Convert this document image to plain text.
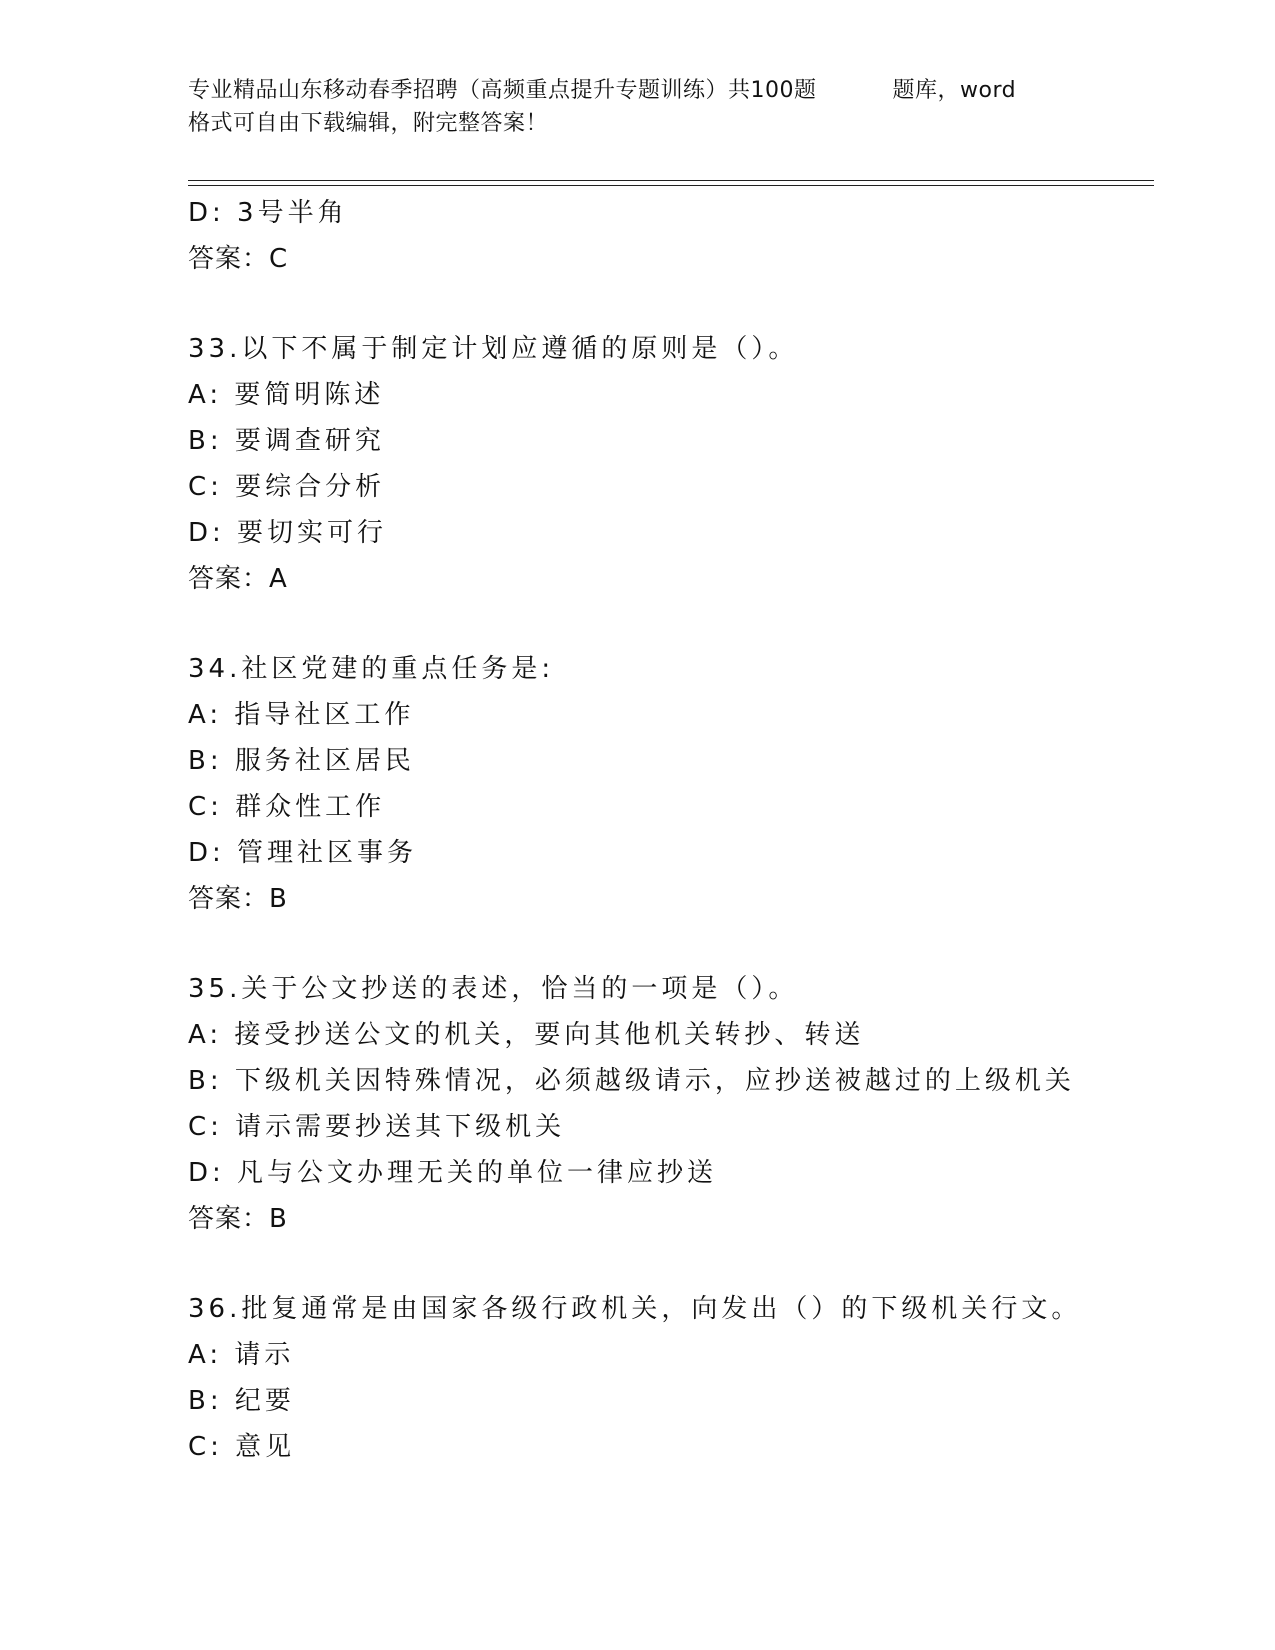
专业精品山东移动春季招聘（高频重点提升专题训练）共100题	题库，word
格式可自由下载编辑，附完整答案！
D: 3号半角
答案：C
33.以下不属于制定计划应遵循的原则是（）。
A: 要简明陈述
B: 要调查研究
C: 要综合分析
D: 要切实可行
答案：A
34.社区党建的重点任务是:
A: 指导社区工作
B: 服务社区居民
C: 群众性工作
D: 管理社区事务
答案：B
35.关于公文抄送的表述，恰当的一项是（）。
A: 接受抄送公文的机关，要向其他机关转抄、转送
B: 下级机关因特殊情况，必须越级请示，应抄送被越过的上级机关
C: 请示需要抄送其下级机关
D: 凡与公文办理无关的单位一律应抄送
答案：B
36.批复通常是由国家各级行政机关，向发出（）的下级机关行文。
A: 请示
B: 纪要
C: 意见
